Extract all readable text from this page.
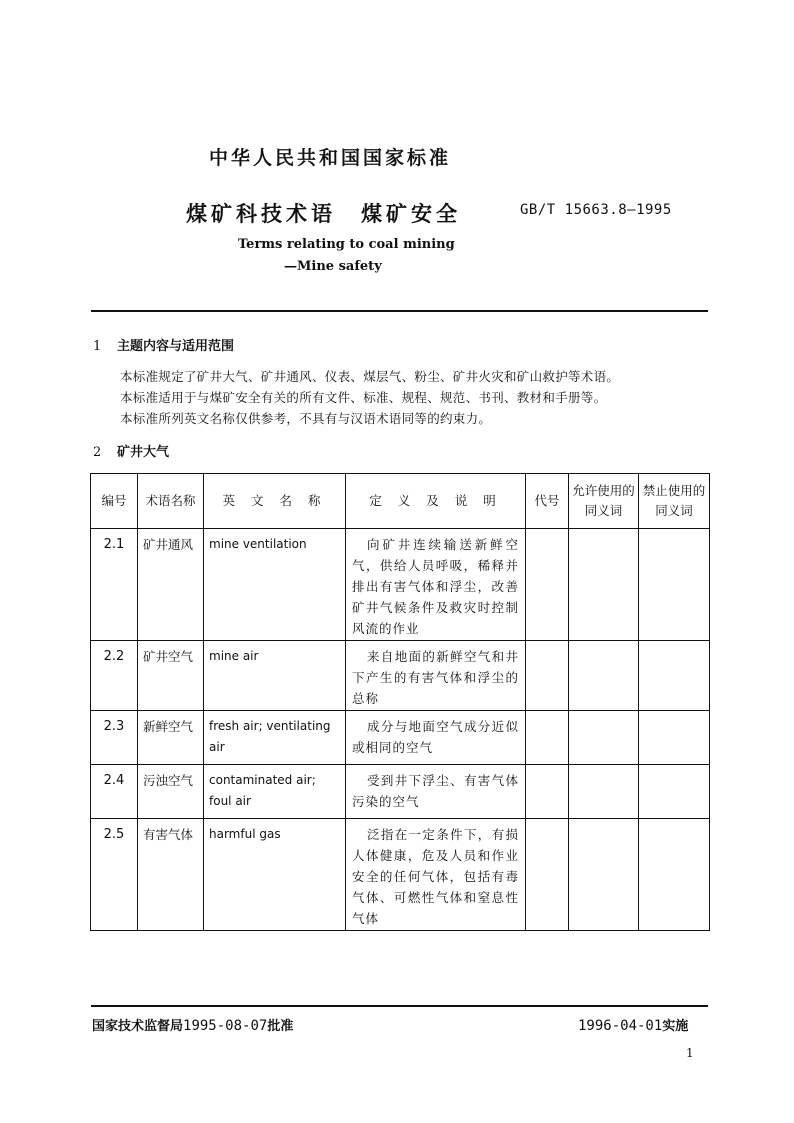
中华人民共和国国家标准
煤矿科技术语　煤矿安全	GB/T 15663.8—1995
Terms relating to coal mining
—Mine safety
1 主题内容与适用范围
本标准规定了矿井大气、矿井通风、仪表、煤层气、粉尘、矿井火灾和矿山救护等术语。
本标准适用于与煤矿安全有关的所有文件、标准、规程、规范、书刊、教材和手册等。
本标准所列英文名称仅供参考，不具有与汉语术语同等的约束力。
2 矿井大气
编号	术语名称	英 文 名 称	定 义 及 说 明	代号	允许使用的同义词	禁止使用的同义词
2.1	矿井通风	mine ventilation	向矿井连续输送新鲜空气，供给人员呼吸，稀释并排出有害气体和浮尘，改善矿井气候条件及救灾时控制风流的作业			
2.2	矿井空气	mine air	来自地面的新鲜空气和井下产生的有害气体和浮尘的总称			
2.3	新鲜空气	fresh air; ventilating air	成分与地面空气成分近似或相同的空气			
2.4	污浊空气	contaminated air; foul air	受到井下浮尘、有害气体污染的空气			
2.5	有害气体	harmful gas	泛指在一定条件下，有损人体健康，危及人员和作业安全的任何气体，包括有毒气体、可燃性气体和窒息性气体			
国家技术监督局1995-08-07批准	1996-04-01实施
1
